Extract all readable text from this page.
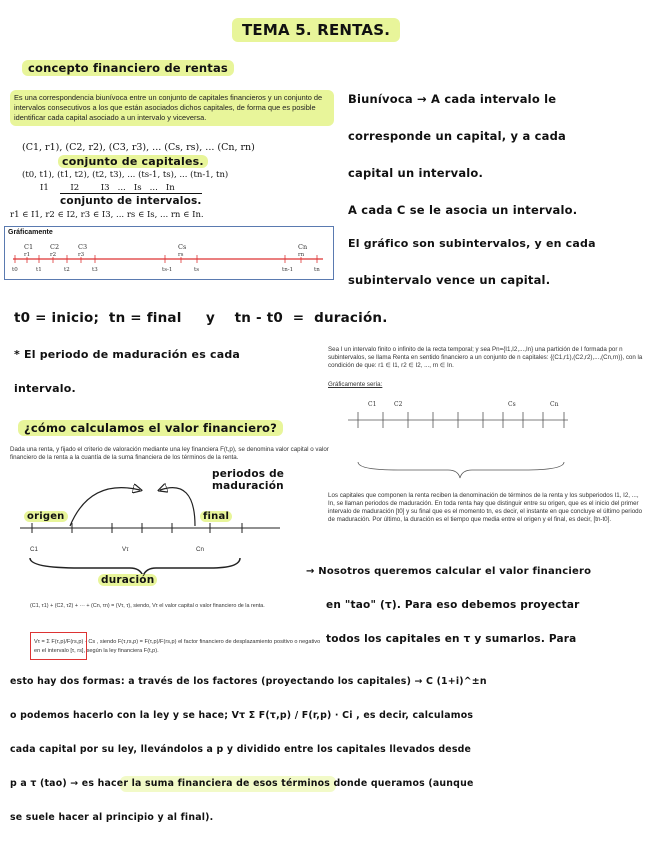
TEMA 5. RENTAS.
concepto financiero de rentas
Es una correspondencia biunívoca entre un conjunto de capitales financieros y un conjunto de intervalos consecutivos a los que están asociados dichos capitales, de forma que es posible identificar cada capital asociado a un intervalo y viceversa.
(C1, r1), (C2, r2), (C3, r3), ... (Cs, rs), ... (Cn, rn)
conjunto de capitales.
(t0, t1), (t1, t2), (t2, t3), ... (ts-1, ts), ... (tn-1, tn)
I1        I2        I3   ...   Is   ...   In
conjunto de intervalos.
r1 ∈ I1, r2 ∈ I2, r3 ∈ I3, ... rs ∈ Is, ... rn ∈ In.
Gráficamente
t0
r1
t1
r2
t2
r3
t3	ts-1
rs
ts	tn-1
rn
tn
C1	C2	C3	Cs	Cn
Biunívoca → A cada intervalo le
corresponde un capital, y a cada
capital un intervalo.
A cada C se le asocia un intervalo.
El gráfico son subintervalos, y en cada
subintervalo vence un capital.
t0 = inicio;  tn = final     y    tn - t0  =  duración.
* El periodo de maduración es cada
intervalo.
Sea I un intervalo finito o infinito de la recta temporal; y sea Pn={I1,I2,...,In} una partición de I formada por n subintervalos, se llama Renta en sentido financiero a un conjunto de n capitales: {(C1,r1),(C2,r2),...,(Cn,rn)}, con la condición de que: r1 ∈ I1, r2 ∈ I2, ..., rn ∈ In.
Gráficamente sería:
C1	C2	Cs	Cn
Los capitales que componen la renta reciben la denominación de términos de la renta y los subperiodos I1, I2, ..., In, se llaman periodos de maduración. En toda renta hay que distinguir entre su origen, que es el inicio del primer intervalo de maduración [t0] y su final que es el momento tn, es decir, el instante en que concluye el último periodo de maduración. Por último, la duración es el tiempo que media entre el origen y el final, es decir, [tn-t0].
¿cómo calculamos el valor financiero?
Dada una renta, y fijado el criterio de valoración mediante una ley financiera F(t,p), se denomina valor capital o valor financiero de la renta a la cuantía de la suma financiera de los términos de la renta.
periodos de maduración
origen	final
C1	Vτ	Cn
duración
(C1, τ1) + (C2, τ2) + ··· + (Cn, τn) = (Vτ, τ), siendo, Vτ el valor capital o valor financiero de la renta.
Vτ = Σ F(τ,p)/F(rs,p) · Cs , siendo F(τ,rs,p) = F(τ,p)/F(rs,p) el factor financiero de desplazamiento positivo o negativo en el intervalo [τ, rs], según la ley financiera F(t,p).
→ Nosotros queremos calcular el valor financiero
en "tao" (τ). Para eso debemos proyectar
todos los capitales en τ y sumarlos. Para
esto hay dos formas: a través de los factores (proyectando los capitales) → C (1+i)^±n
o podemos hacerlo con la ley y se hace; Vτ Σ F(τ,p) / F(r,p) · Ci , es decir, calculamos
cada capital por su ley, llevándolos a p y dividido entre los capitales llevados desde
p a τ (tao) → es hacer la suma financiera de esos términos donde queramos (aunque
se suele hacer al principio y al final).
